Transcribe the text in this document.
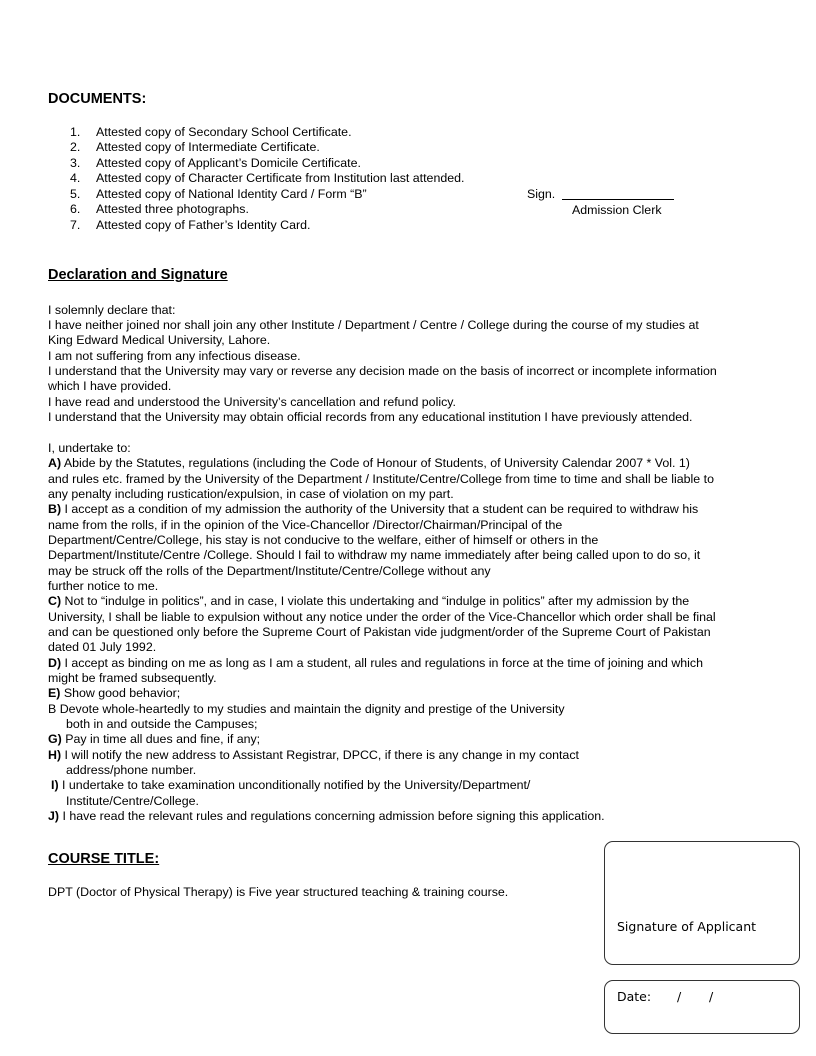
DOCUMENTS:
1. Attested copy of Secondary School Certificate.
2. Attested copy of Intermediate Certificate.
3. Attested copy of Applicant’s Domicile Certificate.
4. Attested copy of Character Certificate from Institution last attended.
5. Attested copy of National Identity Card / Form “B”
6. Attested three photographs.
7. Attested copy of Father’s Identity Card.
Sign.
Admission Clerk
Declaration and Signature
I solemnly declare that:
I have neither joined nor shall join any other Institute / Department / Centre / College during the course of my studies at
King Edward Medical University, Lahore.
I am not suffering from any infectious disease.
I understand that the University may vary or reverse any decision made on the basis of incorrect or incomplete information
which I have provided.
I have read and understood the University’s cancellation and refund policy.
I understand that the University may obtain official records from any educational institution I have previously attended.
I, undertake to:
A) Abide by the Statutes, regulations (including the Code of Honour of Students, of University Calendar 2007 * Vol. 1)
and rules etc. framed by the University of the Department / Institute/Centre/College from time to time and shall be liable to
any penalty including rustication/expulsion, in case of violation on my part.
B) I accept as a condition of my admission the authority of the University that a student can be required to withdraw his
name from the rolls, if in the opinion of the Vice-Chancellor /Director/Chairman/Principal of the
Department/Centre/College, his stay is not conducive to the welfare, either of himself or others in the
Department/Institute/Centre /College. Should I fail to withdraw my name immediately after being called upon to do so, it
may be struck off the rolls of the Department/Institute/Centre/College without any
further notice to me.
C) Not to “indulge in politics”, and in case, I violate this undertaking and “indulge in politics” after my admission by the
University, I shall be liable to expulsion without any notice under the order of the Vice-Chancellor which order shall be final
and can be questioned only before the Supreme Court of Pakistan vide judgment/order of the Supreme Court of Pakistan
dated 01 July 1992.
D) I accept as binding on me as long as I am a student, all rules and regulations in force at the time of joining and which
might be framed subsequently.
E) Show good behavior;
B Devote whole-heartedly to my studies and maintain the dignity and prestige of the University
both in and outside the Campuses;
G) Pay in time all dues and fine, if any;
H) I will notify the new address to Assistant Registrar, DPCC, if there is any change in my contact
address/phone number.
I) I undertake to take examination unconditionally notified by the University/Department/
Institute/Centre/College.
J) I have read the relevant rules and regulations concerning admission before signing this application.
COURSE TITLE:
DPT (Doctor of Physical Therapy) is Five year structured teaching & training course.
Signature of Applicant
Date: / /
